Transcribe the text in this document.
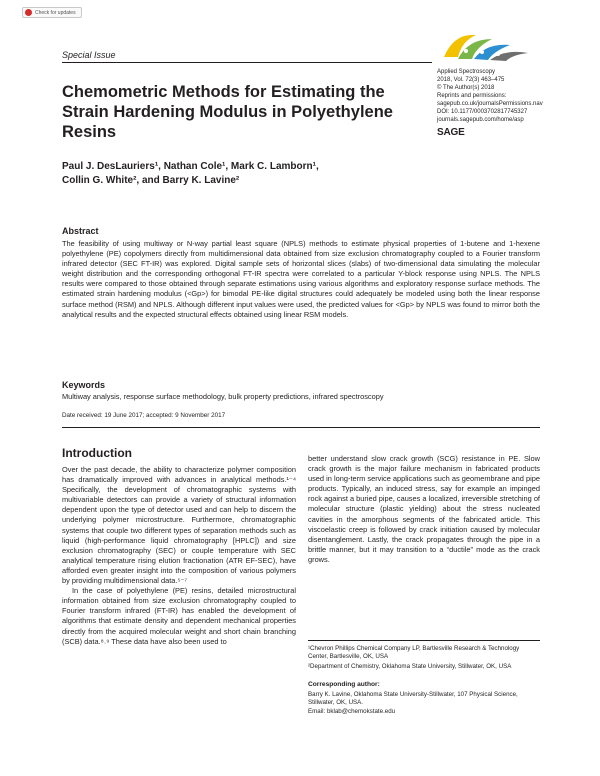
Check for updates
Special Issue
Applied Spectroscopy
2018, Vol. 72(3) 463–475
© The Author(s) 2018
Reprints and permissions:
sagepub.co.uk/journalsPermissions.nav
DOI: 10.1177/0003702817745327
journals.sagepub.com/home/asp
SAGE
Chemometric Methods for Estimating the Strain Hardening Modulus in Polyethylene Resins
Paul J. DesLauriers¹, Nathan Cole¹, Mark C. Lamborn¹,
Collin G. White², and Barry K. Lavine²
Abstract
The feasibility of using multiway or N-way partial least square (NPLS) methods to estimate physical properties of 1-butene and 1-hexene polyethylene (PE) copolymers directly from multidimensional data obtained from size exclusion chromatography coupled to a Fourier transform infrared detector (SEC FT-IR) was explored. Digital sample sets of horizontal slices (slabs) of two-dimensional data simulating the molecular weight distribution and the corresponding orthogonal FT-IR spectra were correlated to a particular Y-block response using NPLS. The NPLS results were compared to those obtained through separate estimations using various algorithms and exploratory response surface methods. The estimated strain hardening modulus (<Gp>) for bimodal PE-like digital structures could adequately be modeled using both the linear response surface method (RSM) and NPLS. Although different input values were used, the predicted values for <Gp> by NPLS was found to mirror both the analytical results and the expected structural effects obtained using linear RSM models.
Keywords
Multiway analysis, response surface methodology, bulk property predictions, infrared spectroscopy
Date received: 19 June 2017; accepted: 9 November 2017
Introduction

Over the past decade, the ability to characterize polymer composition has dramatically improved with advances in analytical methods.¹⁻⁴ Specifically, the development of chromatographic systems with multivariable detectors can provide a variety of structural information dependent upon the type of detector used and can help to discern the underlying polymer microstructure. Furthermore, chromatographic systems that couple two different types of separation methods such as liquid (high-performance liquid chromatography [HPLC]) and size exclusion chromatography (SEC) or couple temperature with SEC analytical temperature rising elution fractionation (ATR EF-SEC), have afforded even greater insight into the composition of various polymers by providing multidimensional data.⁵⁻⁷

In the case of polyethylene (PE) resins, detailed microstructural information obtained from size exclusion chromatography coupled to Fourier transform infrared (FT-IR) has enabled the development of algorithms that estimate density and dependent mechanical properties directly from the acquired molecular weight and short chain branching (SCB) data.⁸˒⁹ These data have also been used to

better understand slow crack growth (SCG) resistance in PE. Slow crack growth is the major failure mechanism in fabricated products used in long-term service applications such as geomembrane and pipe products. Typically, an induced stress, say for example an impinged rock against a buried pipe, causes a localized, irreversible stretching of molecular structure (plastic yielding) about the stress nucleated cavities in the amorphous segments of the fabricated article. This viscoelastic creep is followed by crack initiation caused by molecular disentanglement. Lastly, the crack propagates through the pipe in a brittle manner, but it may transition to a “ductile” mode as the crack grows.

¹Chevron Phillips Chemical Company LP, Bartlesville Research & Technology Center, Bartlesville, OK, USA
²Department of Chemistry, Oklahoma State University, Stillwater, OK, USA
Corresponding author:
Barry K. Lavine, Oklahoma State University-Stillwater, 107 Physical Science, Stillwater, OK, USA.
Email: bklab@chemokstate.edu
